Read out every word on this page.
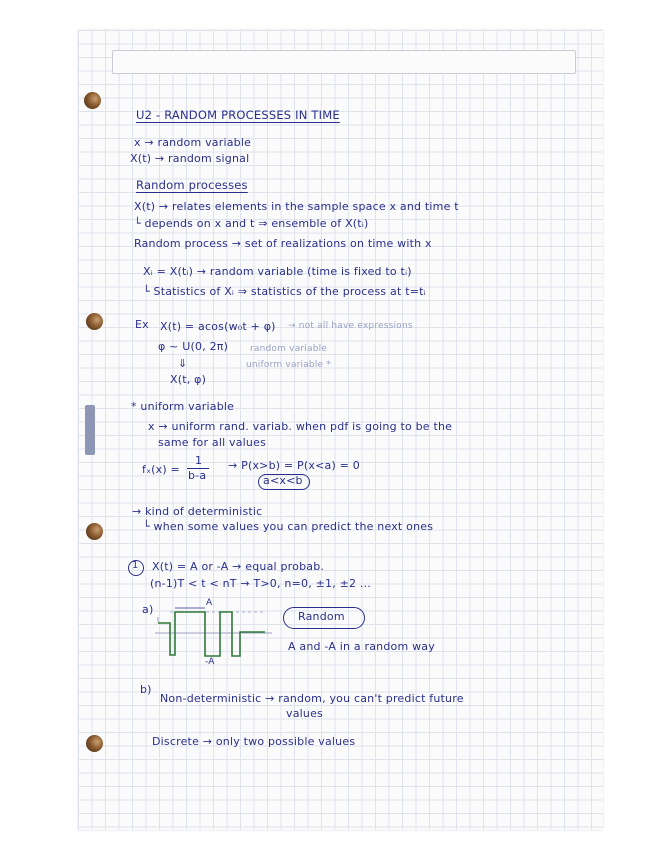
U2 - RANDOM PROCESSES IN TIME
x → random variable
X(t) → random signal
Random processes
X(t) → relates elements in the sample space x and time t
└ depends on x and t ⇒ ensemble of X(tᵢ)
Random process → set of realizations on time with x
Xᵢ = X(tᵢ) → random variable (time is fixed to tᵢ)
└ Statistics of Xᵢ ⇒ statistics of the process at t=tᵢ
Ex X(t) = acos(w₀t + φ) → not all have expressions
φ ~ U(0, 2π) random variable
uniform variable *
⇓
X(t, φ)
* uniform variable
x → uniform rand. variab. when pdf is going to be the
same for all values
fₓ(x) =
1
b-a
→ P(x>b) = P(x<a) = 0
a<x<b
→ kind of deterministic
└ when some values you can predict the next ones
1 X(t) = A or -A → equal probab.
(n-1)T < t < nT → T>0, n=0, ±1, ±2 ...
a)	A
-A
Random
A and -A in a random way
b)
Non-deterministic → random, you can't predict future
values
Discrete → only two possible values
